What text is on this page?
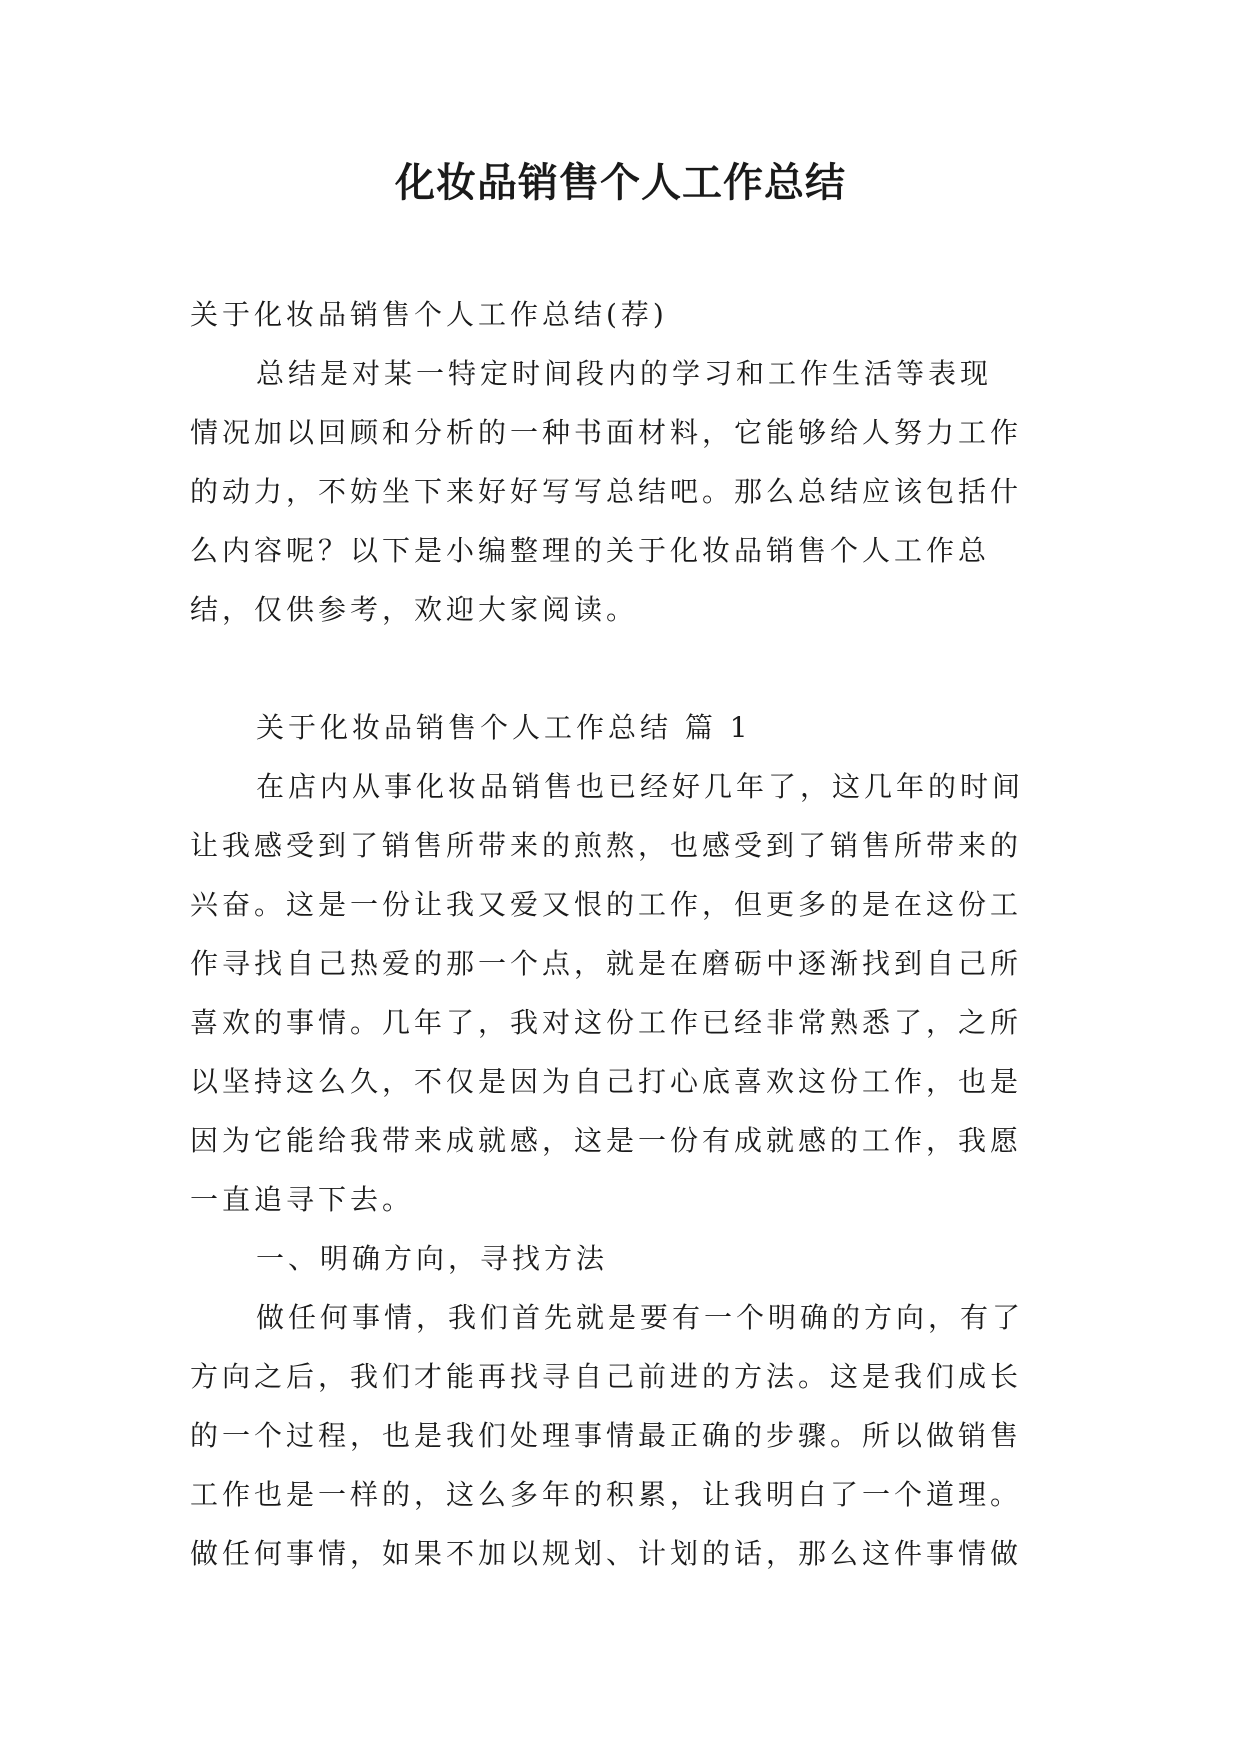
化妆品销售个人工作总结
关于化妆品销售个人工作总结(荐)
总结是对某一特定时间段内的学习和工作生活等表现
情况加以回顾和分析的一种书面材料，它能够给人努力工作
的动力，不妨坐下来好好写写总结吧。那么总结应该包括什
么内容呢？以下是小编整理的关于化妆品销售个人工作总
结，仅供参考，欢迎大家阅读。
关于化妆品销售个人工作总结 篇 1
在店内从事化妆品销售也已经好几年了，这几年的时间
让我感受到了销售所带来的煎熬，也感受到了销售所带来的
兴奋。这是一份让我又爱又恨的工作，但更多的是在这份工
作寻找自己热爱的那一个点，就是在磨砺中逐渐找到自己所
喜欢的事情。几年了，我对这份工作已经非常熟悉了，之所
以坚持这么久，不仅是因为自己打心底喜欢这份工作，也是
因为它能给我带来成就感，这是一份有成就感的工作，我愿
一直追寻下去。
一、明确方向，寻找方法
做任何事情，我们首先就是要有一个明确的方向，有了
方向之后，我们才能再找寻自己前进的方法。这是我们成长
的一个过程，也是我们处理事情最正确的步骤。所以做销售
工作也是一样的，这么多年的积累，让我明白了一个道理。
做任何事情，如果不加以规划、计划的话，那么这件事情做
